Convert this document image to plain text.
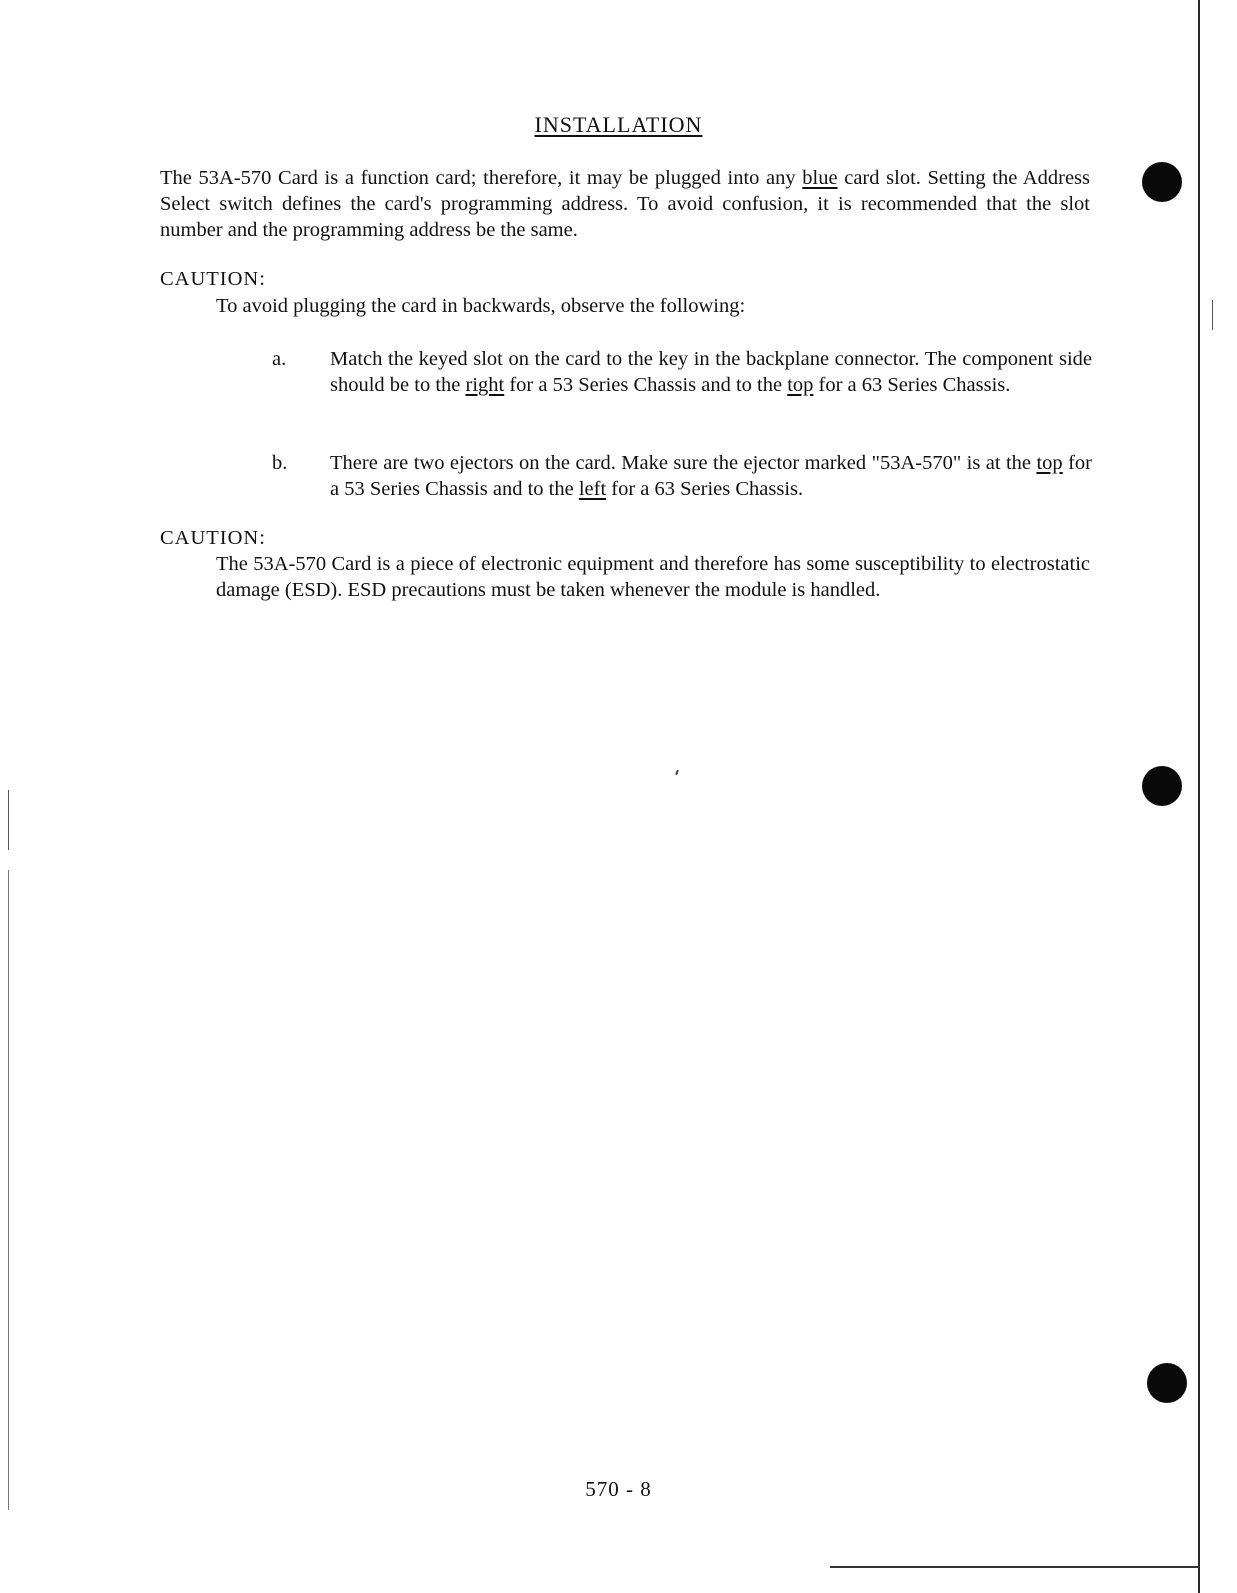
INSTALLATION
The 53A-570 Card is a function card; therefore, it may be plugged into any blue card slot. Setting the Address Select switch defines the card's programming address. To avoid confusion, it is recommended that the slot number and the programming address be the same.
CAUTION:
To avoid plugging the card in backwards, observe the following:
a. Match the keyed slot on the card to the key in the backplane connector. The component side should be to the right for a 53 Series Chassis and to the top for a 63 Series Chassis.
b. There are two ejectors on the card. Make sure the ejector marked "53A-570" is at the top for a 53 Series Chassis and to the left for a 63 Series Chassis.
CAUTION:
The 53A-570 Card is a piece of electronic equipment and therefore has some susceptibility to electrostatic damage (ESD). ESD precautions must be taken whenever the module is handled.
570 - 8
